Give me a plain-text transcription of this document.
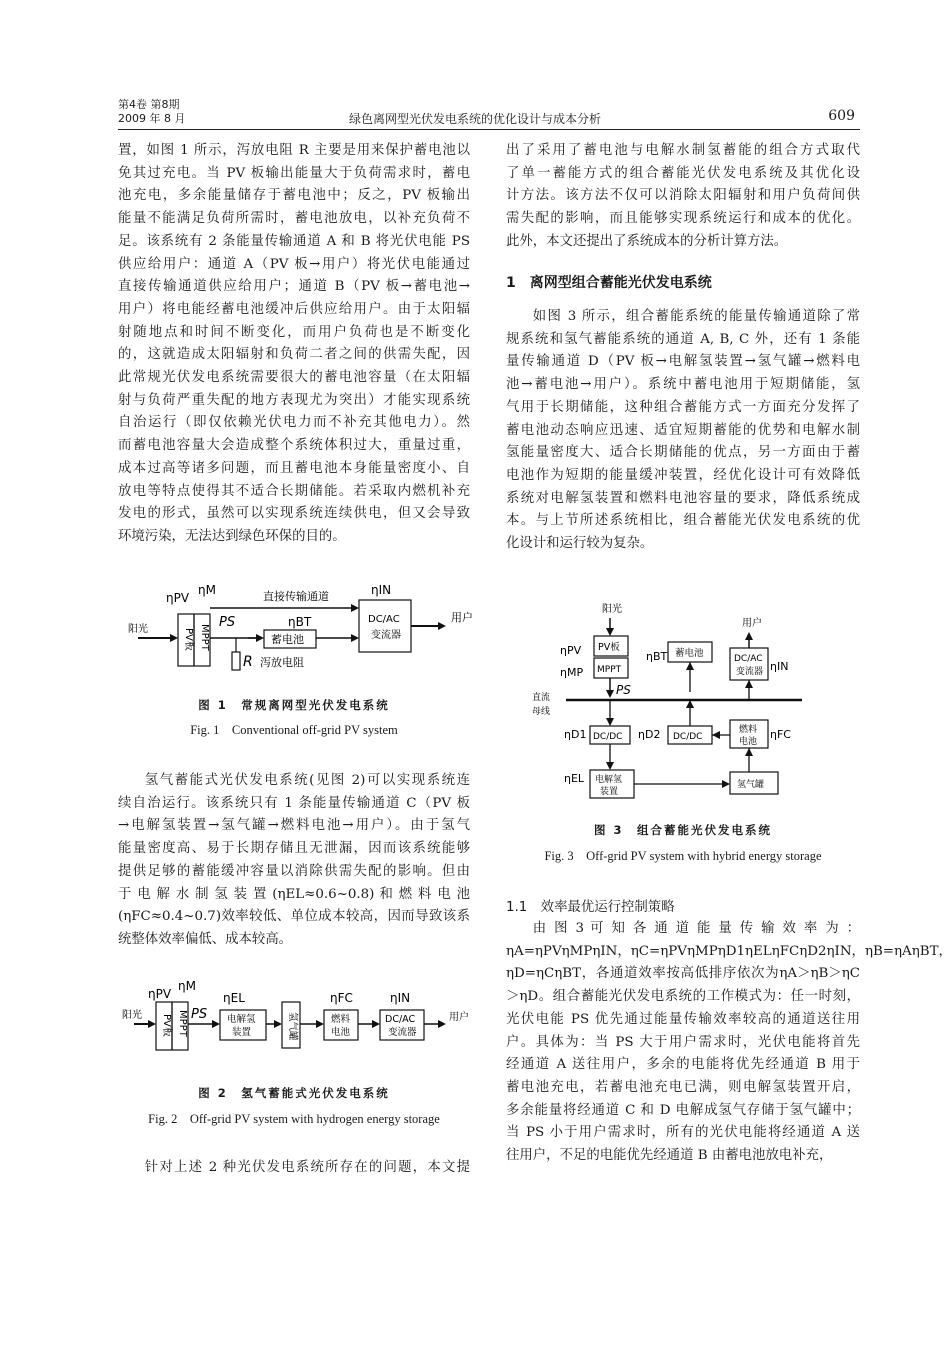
第4卷 第8期
2009 年 8 月	绿色离网型光伏发电系统的优化设计与成本分析	609
置，如图 1 所示，泻放电阻 R 主要是用来保护蓄电池以
免其过充电。当 PV 板输出能量大于负荷需求时，蓄电
池充电，多余能量储存于蓄电池中；反之，PV 板输出
能量不能满足负荷所需时，蓄电池放电，以补充负荷不
足。该系统有 2 条能量传输通道 A 和 B 将光伏电能 PS
供应给用户：通道 A（PV 板→用户）将光伏电能通过
直接传输通道供应给用户；通道 B（PV 板→蓄电池→
用户）将电能经蓄电池缓冲后供应给用户。由于太阳辐
射随地点和时间不断变化，而用户负荷也是不断变化
的，这就造成太阳辐射和负荷二者之间的供需失配，因
此常规光伏发电系统需要很大的蓄电池容量（在太阳辐
射与负荷严重失配的地方表现尤为突出）才能实现系统
自治运行（即仅依赖光伏电力而不补充其他电力）。然
而蓄电池容量大会造成整个系统体积过大，重量过重，
成本过高等诸多问题，而且蓄电池本身能量密度小、自
放电等特点使得其不适合长期储能。若采取内燃机补充
发电的形式，虽然可以实现系统连续供电，但又会导致
环境污染，无法达到绿色环保的目的。
ηPV
ηM	直接传输通道	ηIN
阳光	PV板 MPPT
PS
R 泻放电阻
ηBT
蓄电池
DC/AC
变流器
用户
图 1　常规离网型光伏发电系统
Fig. 1　Conventional off-grid PV system
氢气蓄能式光伏发电系统(见图 2)可以实现系统连
续自治运行。该系统只有 1 条能量传输通道 C（PV 板
→电解氢装置→氢气罐→燃料电池→用户）。由于氢气
能量密度高、易于长期存储且无泄漏，因而该系统能够
提供足够的蓄能缓冲容量以消除供需失配的影响。但由
于 电 解 水 制 氢 装 置 (ηEL≈0.6~0.8) 和 燃 料 电 池
(ηFC≈0.4~0.7)效率较低、单位成本较高，因而导致该系
统整体效率偏低、成本较高。
ηPV
ηM
ηEL	ηFC	ηIN
阳光 PV板 MPPT PS 电解氢
装置	氢气罐	燃料
电池
DC/AC
变流器
用户
图 2　氢气蓄能式光伏发电系统
Fig. 2　Off-grid PV system with hydrogen energy storage

针对上述 2 种光伏发电系统所存在的问题，本文提

出了采用了蓄电池与电解水制氢蓄能的组合方式取代
了单一蓄能方式的组合蓄能光伏发电系统及其优化设
计方法。该方法不仅可以消除太阳辐射和用户负荷间供
需失配的影响，而且能够实现系统运行和成本的优化。
此外，本文还提出了系统成本的分析计算方法。
1　离网型组合蓄能光伏发电系统
如图 3 所示，组合蓄能系统的能量传输通道除了常
规系统和氢气蓄能系统的通道 A, B, C 外，还有 1 条能
量传输通道 D（PV 板→电解氢装置→氢气罐→燃料电
池→蓄电池→用户）。系统中蓄电池用于短期储能，氢
气用于长期储能，这种组合蓄能方式一方面充分发挥了
蓄电池动态响应迅速、适宜短期蓄能的优势和电解水制
氢能量密度大、适合长期储能的优点，另一方面由于蓄
电池作为短期的能量缓冲装置，经优化设计可有效降低
系统对电解氢装置和燃料电池容量的要求，降低系统成
本。与上节所述系统相比，组合蓄能光伏发电系统的优
化设计和运行较为复杂。
阳光
用户
ηPV PV板
ηMP MPPT
PS
ηBT 蓄电池	DC/AC
变流器 ηIN
直流
母线
ηD1 DC/DC ηD2 DC/DC
燃料
电池
ηFC
ηEL 电解氢
装置
氢气罐
图 3　组合蓄能光伏发电系统
Fig. 3　Off-grid PV system with hybrid energy storage
1.1　效率最优运行控制策略
由 图 3 可 知 各 通 道 能 量 传 输 效 率 为 ：
ηA=ηPVηMPηIN，ηC=ηPVηMPηD1ηELηFCηD2ηIN，ηB=ηAηBT，
ηD=ηCηBT，各通道效率按高低排序依次为ηA＞ηB＞ηC
＞ηD。组合蓄能光伏发电系统的工作模式为：任一时刻，
光伏电能 PS 优先通过能量传输效率较高的通道送往用
户。具体为：当 PS 大于用户需求时，光伏电能将首先
经通道 A 送往用户，多余的电能将优先经通道 B 用于
蓄电池充电，若蓄电池充电已满，则电解氢装置开启，
多余能量将经通道 C 和 D 电解成氢气存储于氢气罐中；
当 PS 小于用户需求时，所有的光伏电能将经通道 A 送
往用户，不足的电能优先经通道 B 由蓄电池放电补充，
